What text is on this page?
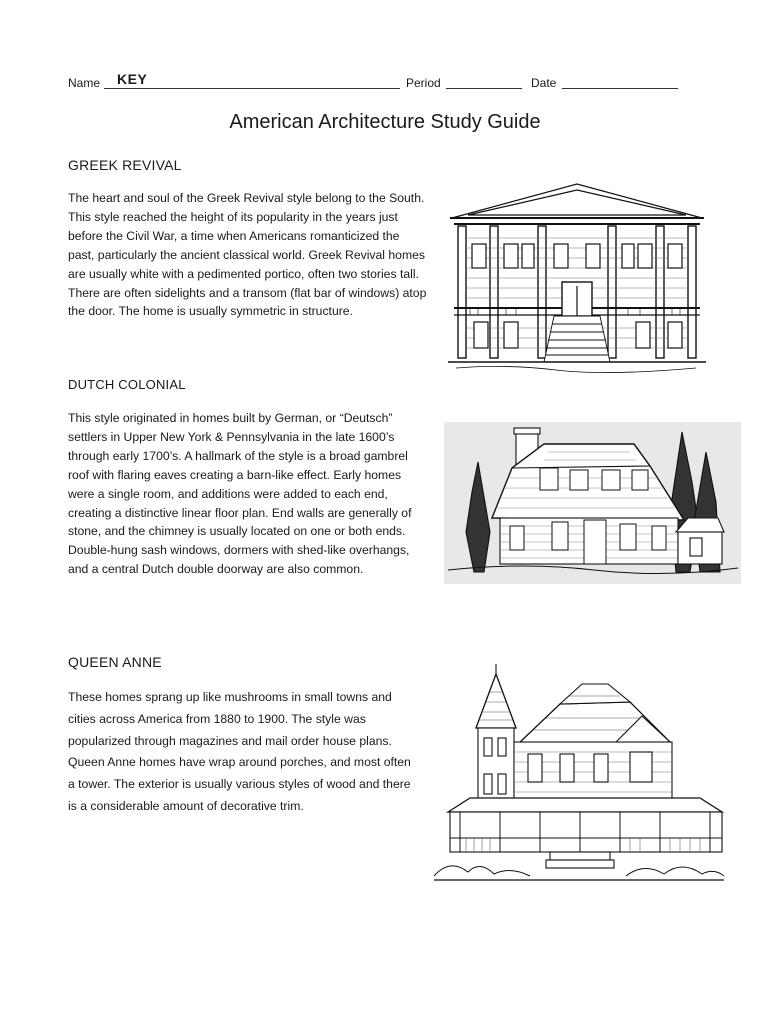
Name KEY	Period	Date
American Architecture Study Guide
GREEK REVIVAL
The heart and soul of the Greek Revival style belong to the South. This style reached the height of its popularity in the years just before the Civil War, a time when Americans romanticized the past, particularly the ancient classical world. Greek Revival homes are usually white with a pedimented portico, often two stories tall. There are often sidelights and a transom (flat bar of windows) atop the door. The home is usually symmetric in structure.
DUTCH COLONIAL
This style originated in homes built by German, or “Deutsch” settlers in Upper New York & Pennsylvania in the late 1600’s through early 1700’s. A hallmark of the style is a broad gambrel roof with flaring eaves creating a barn-like effect. Early homes were a single room, and additions were added to each end, creating a distinctive linear floor plan. End walls are generally of stone, and the chimney is usually located on one or both ends. Double-hung sash windows, dormers with shed-like overhangs, and a central Dutch double doorway are also common.
QUEEN ANNE
These homes sprang up like mushrooms in small towns and cities across America from 1880 to 1900. The style was popularized through magazines and mail order house plans. Queen Anne homes have wrap around porches, and most often a tower. The exterior is usually various styles of wood and there is a considerable amount of decorative trim.
